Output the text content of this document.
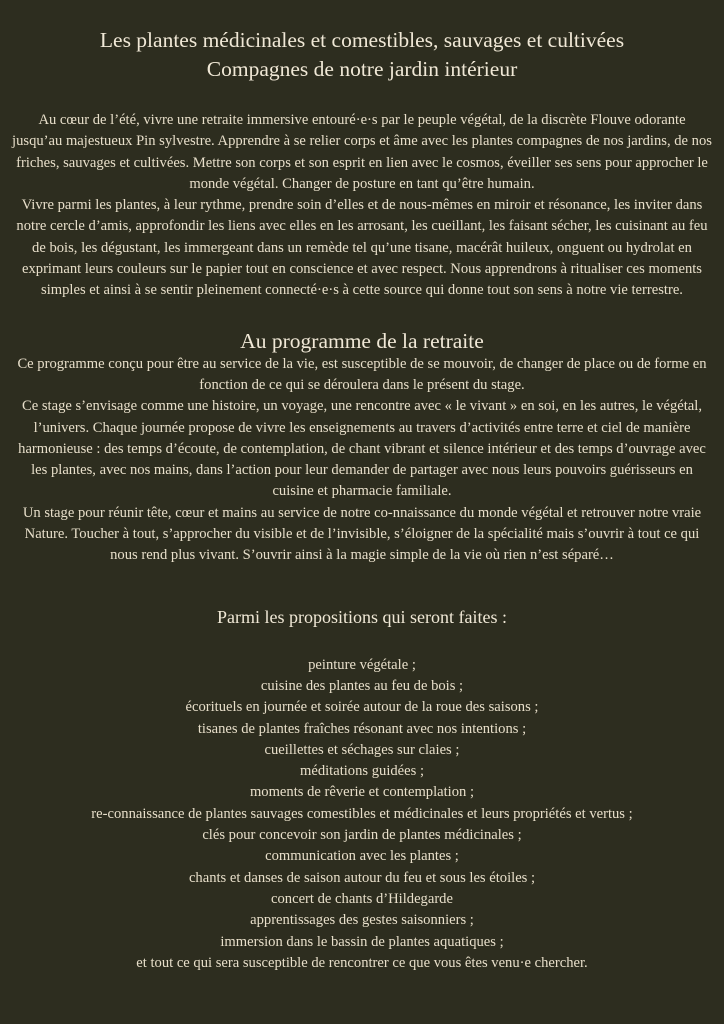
Les plantes médicinales et comestibles, sauvages et cultivées
Compagnes de notre jardin intérieur

Au cœur de l’été, vivre une retraite immersive entouré·e·s par le peuple végétal, de la discrète Flouve odorante jusqu’au majestueux Pin sylvestre. Apprendre à se relier corps et âme avec les plantes compagnes de nos jardins, de nos friches, sauvages et cultivées. Mettre son corps et son esprit en lien avec le cosmos, éveiller ses sens pour approcher le monde végétal. Changer de posture en tant qu’être humain.

Vivre parmi les plantes, à leur rythme, prendre soin d’elles et de nous-mêmes en miroir et résonance, les inviter dans notre cercle d’amis, approfondir les liens avec elles en les arrosant, les cueillant, les faisant sécher, les cuisinant au feu de bois, les dégustant, les immergeant dans un remède tel qu’une tisane, macérât huileux, onguent ou hydrolat en exprimant leurs couleurs sur le papier tout en conscience et avec respect. Nous apprendrons à ritualiser ces moments simples et ainsi à se sentir pleinement connecté·e·s à cette source qui donne tout son sens à notre vie terrestre.

Au programme de la retraite

Ce programme conçu pour être au service de la vie, est susceptible de se mouvoir, de changer de place ou de forme en fonction de ce qui se déroulera dans le présent du stage.

Ce stage s’envisage comme une histoire, un voyage, une rencontre avec « le vivant » en soi, en les autres, le végétal, l’univers. Chaque journée propose de vivre les enseignements au travers d’activités entre terre et ciel de manière harmonieuse : des temps d’écoute, de contemplation, de chant vibrant et silence intérieur et des temps d’ouvrage avec les plantes, avec nos mains, dans l’action pour leur demander de partager avec nous leurs pouvoirs guérisseurs en cuisine et pharmacie familiale.

Un stage pour réunir tête, cœur et mains au service de notre co-nnaissance du monde végétal et retrouver notre vraie Nature. Toucher à tout, s’approcher du visible et de l’invisible, s’éloigner de la spécialité mais s’ouvrir à tout ce qui nous rend plus vivant. S’ouvrir ainsi à la magie simple de la vie où rien n’est séparé…

Parmi les propositions qui seront faites :
peinture végétale ;
cuisine des plantes au feu de bois ;
écorituels en journée et soirée autour de la roue des saisons ;
tisanes de plantes fraîches résonant avec nos intentions ;
cueillettes et séchages sur claies ;
méditations guidées ;
moments de rêverie et contemplation ;
re-connaissance de plantes sauvages comestibles et médicinales et leurs propriétés et vertus ;
clés pour concevoir son jardin de plantes médicinales ;
communication avec les plantes ;
chants et danses de saison autour du feu et sous les étoiles ;
concert de chants d’Hildegarde
apprentissages des gestes saisonniers ;
immersion dans le bassin de plantes aquatiques ;
et tout ce qui sera susceptible de rencontrer ce que vous êtes venu·e chercher.
